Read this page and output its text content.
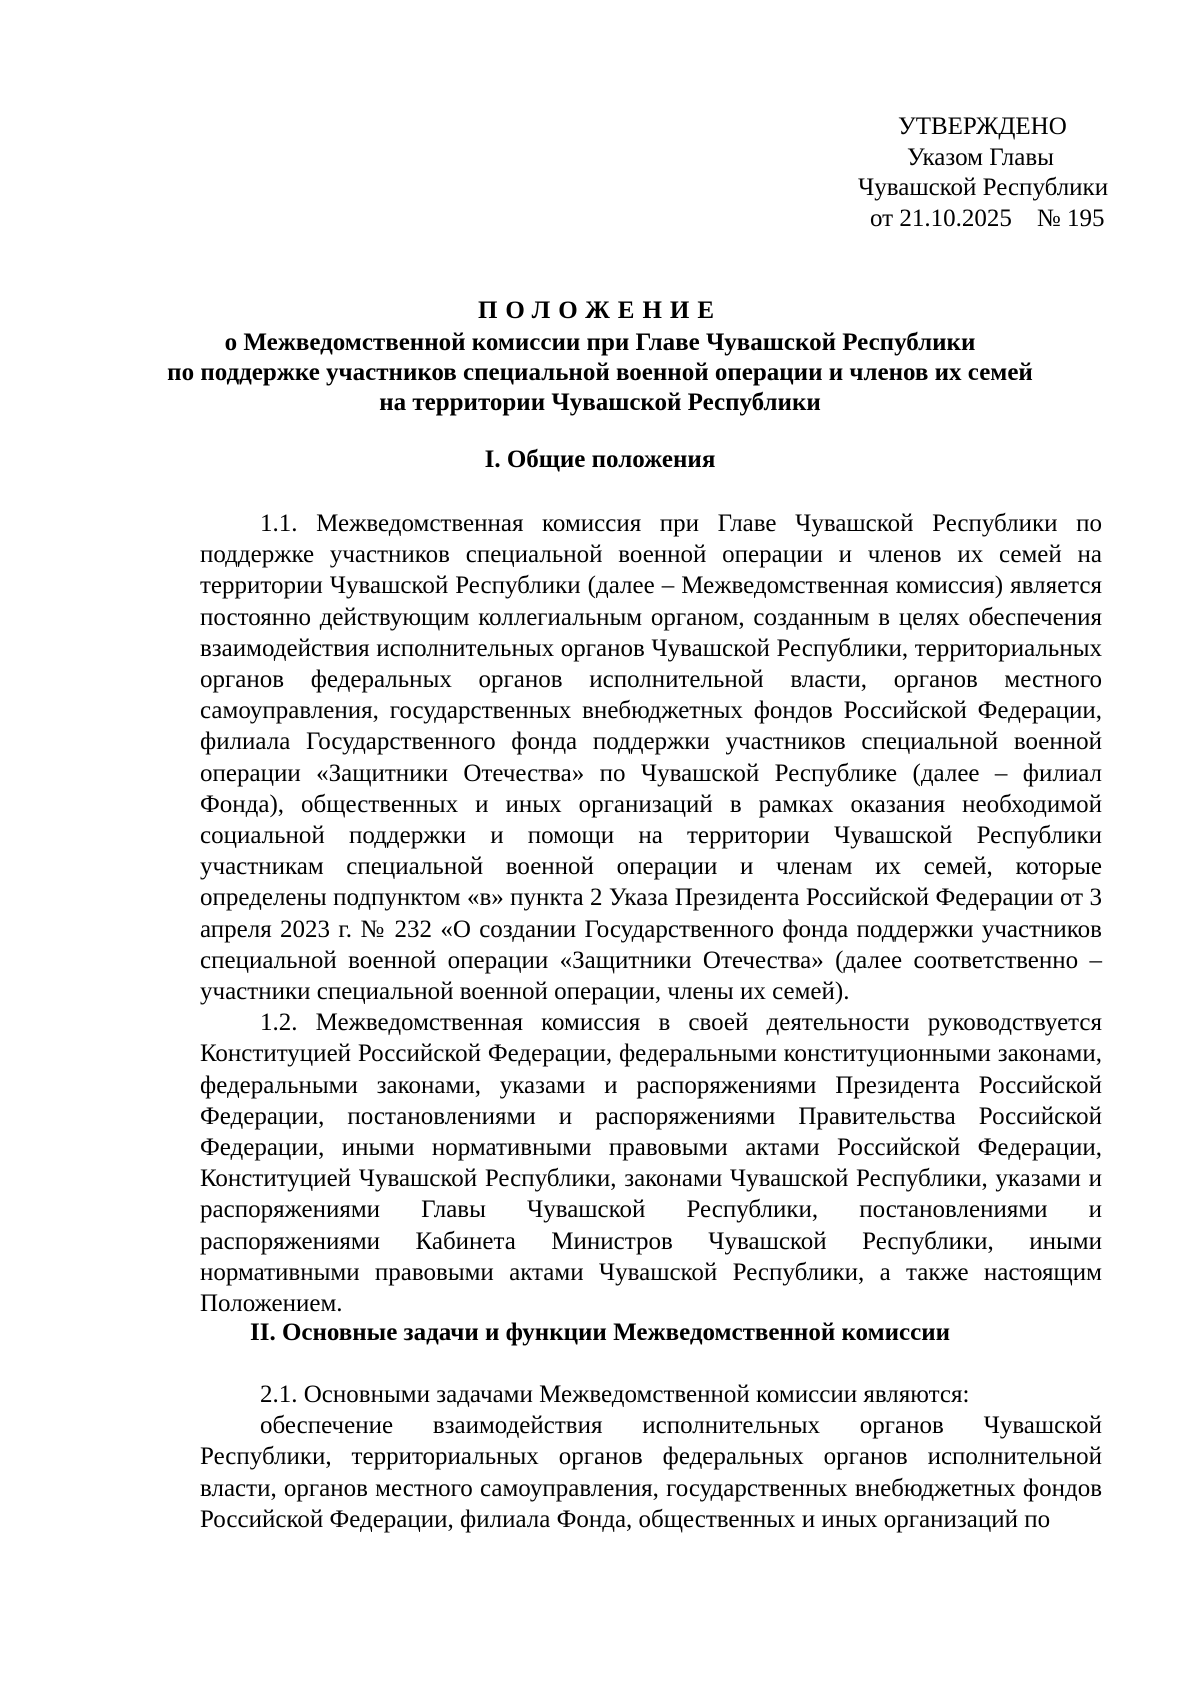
УТВЕРЖДЕНО
Указом Главы
Чувашской Республики
от 21.10.2025    № 195
ПОЛОЖЕНИЕ
о Межведомственной комиссии при Главе Чувашской Республики
по поддержке участников специальной военной операции и членов их семей
на территории Чувашской Республики
I. Общие положения

1.1. Межведомственная комиссия при Главе Чувашской Республики по поддержке участников специальной военной операции и членов их семей на территории Чувашской Республики (далее – Межведомственная комиссия) является постоянно действующим коллегиальным органом, созданным в целях обеспечения взаимодействия исполнительных органов Чувашской Республики, территориальных органов федеральных органов исполнительной власти, органов местного самоуправления, государственных внебюджетных фондов Российской Федерации, филиала Государственного фонда поддержки участников специальной военной операции «Защитники Отечества» по Чувашской Республике (далее – филиал Фонда), общественных и иных организаций в рамках оказания необходимой социальной поддержки и помощи на территории Чувашской Республики участникам специальной военной операции и членам их семей, которые определены подпунктом «в» пункта 2 Указа Президента Российской Федерации от 3 апреля 2023 г. № 232 «О создании Государственного фонда поддержки участников специальной военной операции «Защитники Отечества» (далее соответственно – участники специальной военной операции, члены их семей).

1.2. Межведомственная комиссия в своей деятельности руководствуется Конституцией Российской Федерации, федеральными конституционными законами, федеральными законами, указами и распоряжениями Президента Российской Федерации, постановлениями и распоряжениями Правительства Российской Федерации, иными нормативными правовыми актами Российской Федерации, Конституцией Чувашской Республики, законами Чувашской Республики, указами и распоряжениями Главы Чувашской Республики, постановлениями и распоряжениями Кабинета Министров Чувашской Республики, иными нормативными правовыми актами Чувашской Республики, а также настоящим Положением.

II. Основные задачи и функции Межведомственной комиссии

2.1. Основными задачами Межведомственной комиссии являются:

обеспечение взаимодействия исполнительных органов Чувашской Республики, территориальных органов федеральных органов исполнительной власти, органов местного самоуправления, государственных внебюджетных фондов Российской Федерации, филиала Фонда, общественных и иных организаций по
